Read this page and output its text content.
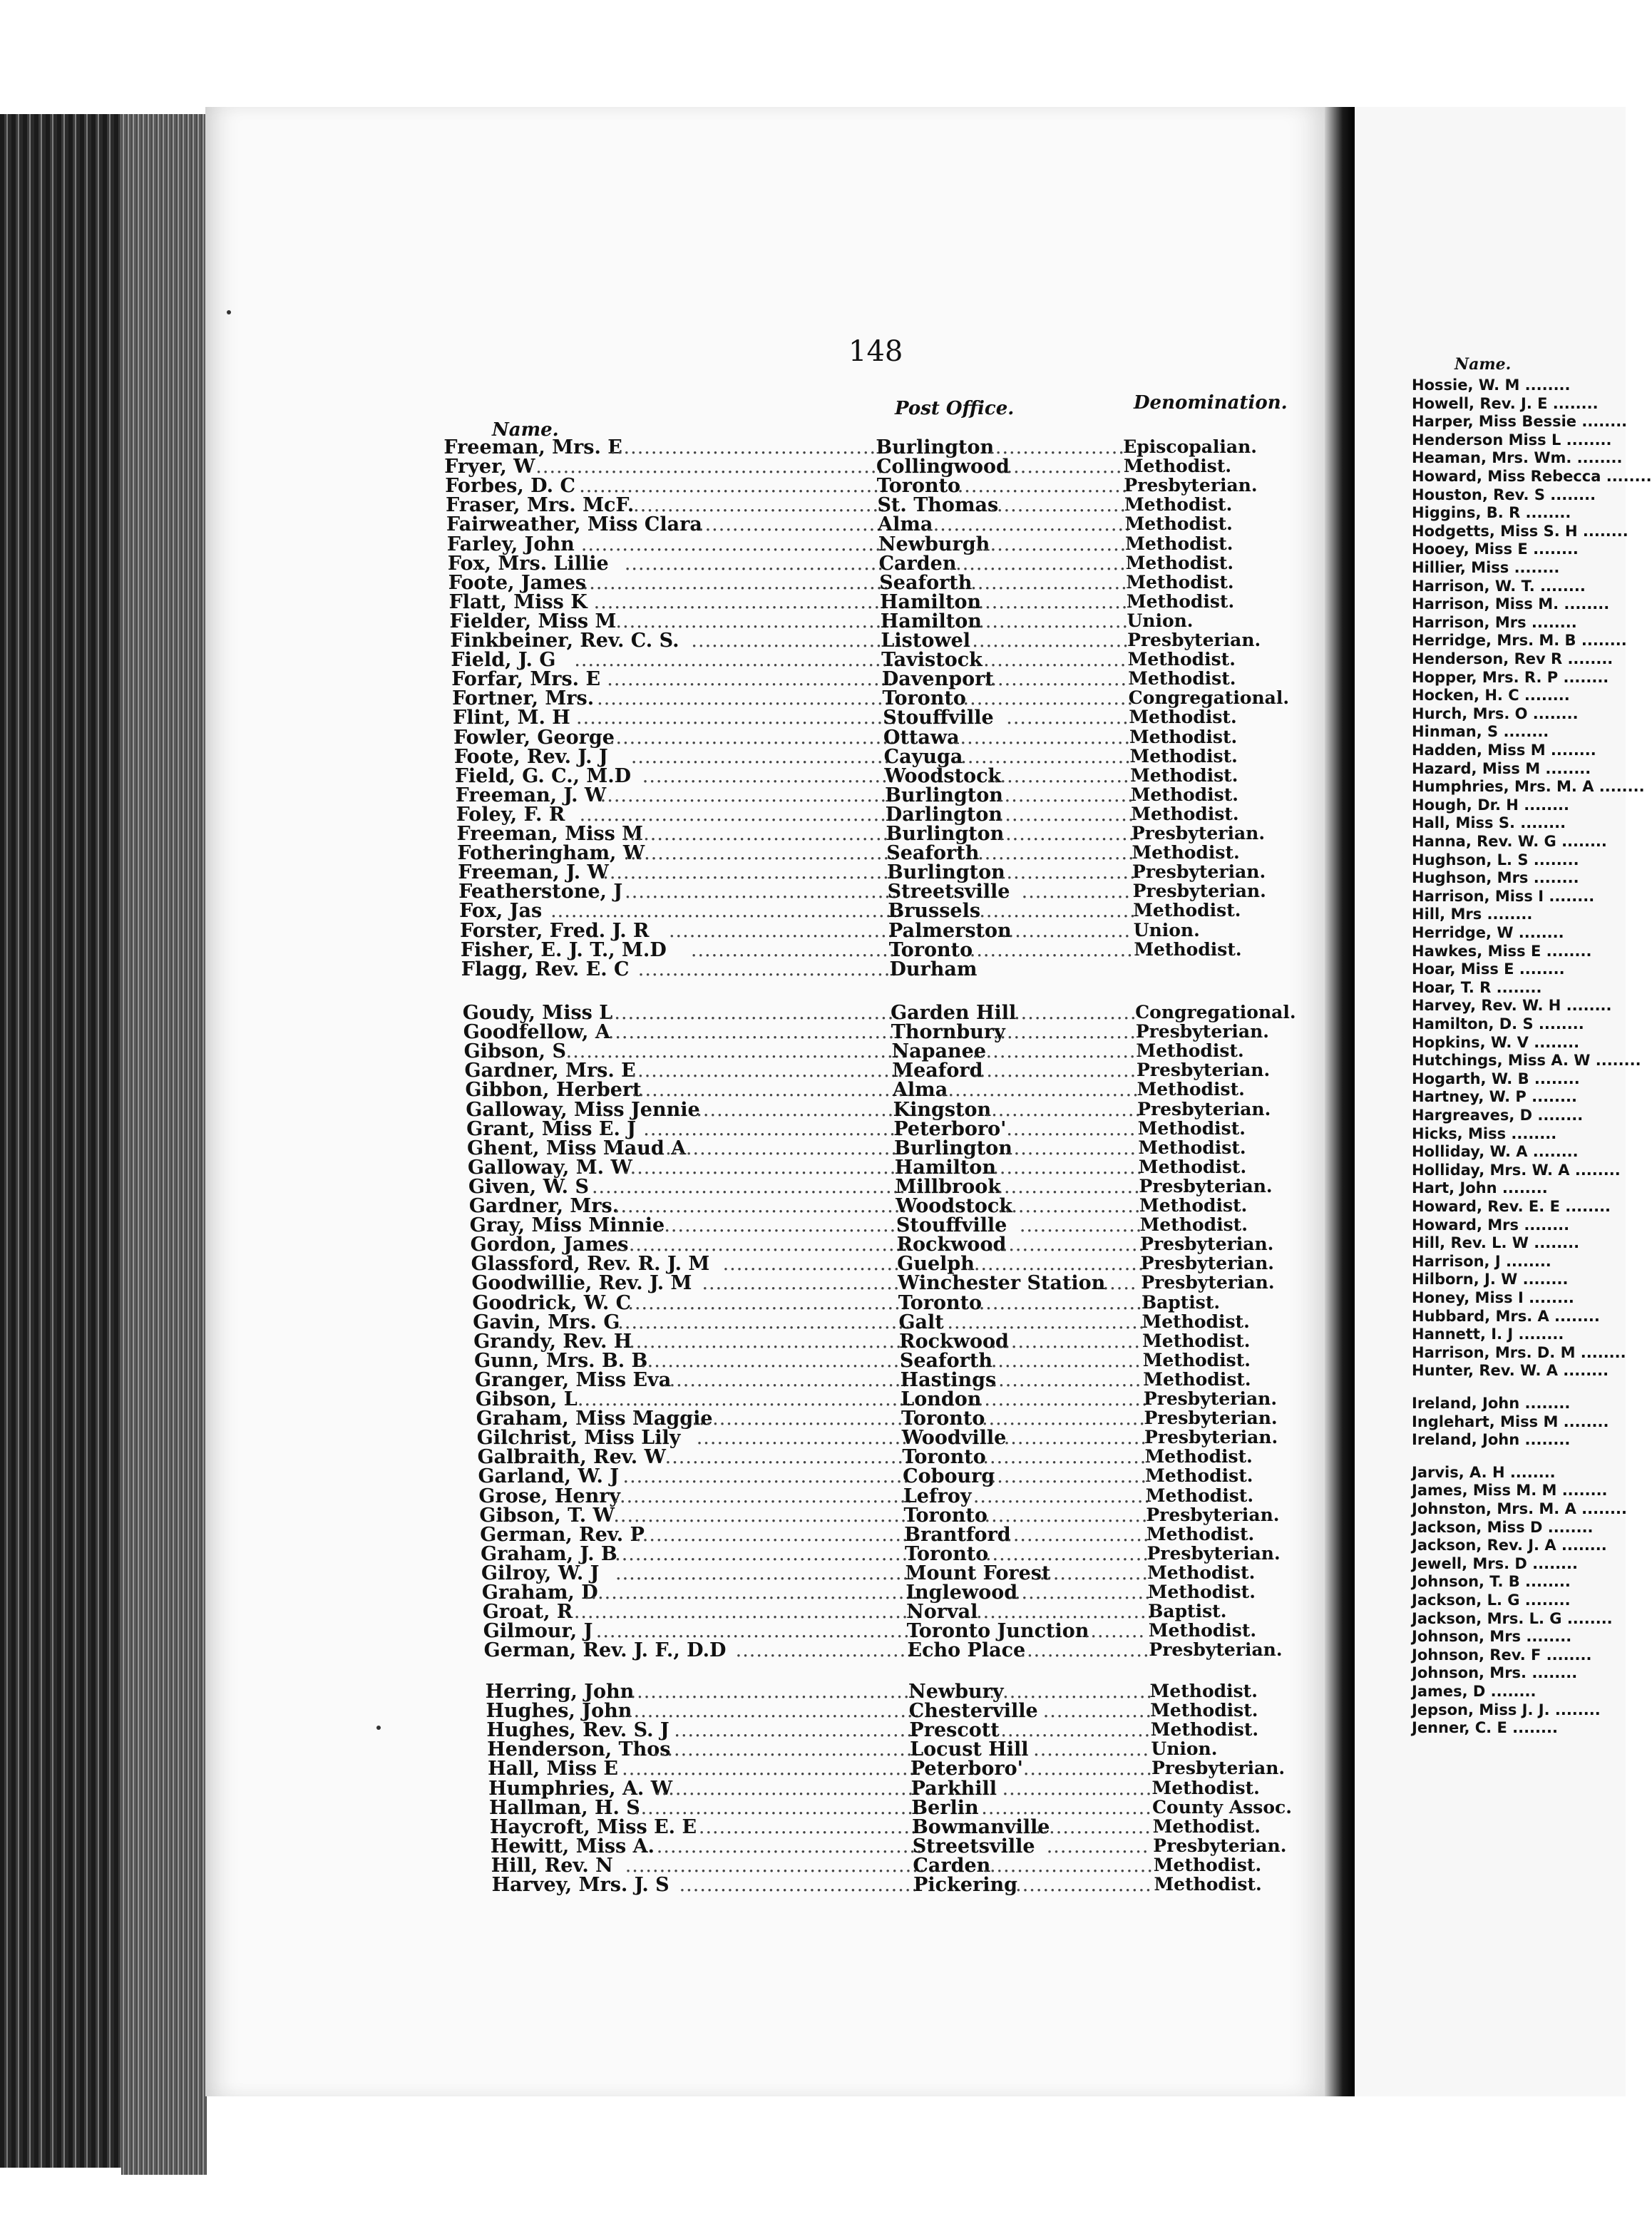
148
Name.
Post Office.	Denomination.
Name.
Freeman, Mrs. E
........................................
Burlington
....................
Episcopalian.
Fryer, W ....................................................
Collingwood
.................. Methodist.
Forbes, D. C .............................................
Toronto
.........................
Presbyterian.
Fraser, Mrs. McF.
.....................................
St. Thomas
....................
Methodist.
Fairweather, Miss Clara
...........................
Alma
..............................
Methodist.
Farley, John .............................................
Newburgh
.......................
Methodist.
Fox, Mrs. Lillie ......................................
Carden
.......................... Methodist.
Foote, James
.............................................
Seaforth
.......................
Methodist.
Flatt, Miss K ...........................................
Hamilton
.......................
Methodist.
Fielder, Miss M ........................................
Hamilton
.......................
Union.
Finkbeiner, Rev. C. S. ............................
Listowel .......................
Presbyterian.
Field, J. G ...............................................
Tavistock ..................... Methodist.
Forfar, Mrs. E ..........................................
Davenport
..................... Methodist.
Fortner, Mrs. ...........................................
Toronto
.........................
Congregational.
Flint, M. H ...............................................
Stouffville .................. Methodist.
Fowler, George
..........................................
Ottawa
..........................
Methodist.
Foote, Rev. J. J ......................................
Cayuga
..........................
Methodist.
Field, G. C., M.D .....................................
Woodstock
..................... Methodist.
Freeman, J. W
...........................................
Burlington
....................
Methodist.
Foley, F. R ...............................................
Darlington
....................
Methodist.
Freeman, Miss M
........................................
Burlington
....................
Presbyterian.
Fotheringham, W
........................................
Seaforth
.......................
Methodist.
Freeman, J. W
...........................................
Burlington
....................
Presbyterian.
Featherstone, J ........................................
Streetsville ................ Presbyterian.
Fox, Jas ...................................................
Brussels
.......................
Methodist.
Forster, Fred. J. R .................................
Palmerston
................... Union.
Fisher, E. J. T., M.D ..............................
Toronto
........................ Methodist.
Flagg, Rev. E. C ......................................
Durham
Goudy, Miss L
...........................................
Garden Hill
..................
Congregational.
Goodfellow, A
...........................................
Thornbury
.....................
Presbyterian.
Gibson, S ..................................................
Napanee
........................ Methodist.
Gardner, Mrs. E
........................................
Meaford
........................ Presbyterian.
Gibbon, Herbert
........................................
Alma
.............................
Methodist.
Galloway, Miss Jennie
..............................
Kingston
.......................
Presbyterian.
Grant, Miss E. J ......................................
Peterboro' ................... Methodist.
Ghent, Miss Maud A
..................................
Burlington
................... Methodist.
Galloway, M. W
.........................................
Hamilton
.......................
Methodist.
Given, W. S ..............................................
Millbrook
.....................
Presbyterian.
Gardner, Mrs.
...........................................
Woodstock
.....................
Methodist.
Gray, Miss Minnie
....................................
Stouffville ..................
Methodist.
Gordon, James
...........................................
Rockwood
.......................
Presbyterian.
Glassford, Rev. R. J. M ..........................
Guelph
..........................
Presbyterian.
Goodwillie, Rev. J. M .............................
Winchester Station
...... Presbyterian.
Goodrick, W. C
.........................................
Toronto
........................
Baptist.
Gavin, Mrs. G
...........................................
Galt .............................
Methodist.
Grandy, Rev. H
.........................................
Rockwood
...................... Methodist.
Gunn, Mrs. B. B
.......................................
Seaforth
...................... Methodist.
Granger, Miss Eva
....................................
Hastings
...................... Methodist.
Gibson, L .................................................
London
..........................
Presbyterian.
Graham, Miss Maggie
.................................
Toronto
........................
Presbyterian.
Gilchrist, Miss Lily ...............................
Woodville
.....................
Presbyterian.
Galbraith, Rev. W
....................................
Toronto
........................
Methodist.
Garland, W. J ..........................................
Cobourg
........................
Methodist.
Grose, Henry
............................................
Lefroy ..........................
Methodist.
Gibson, T. W
............................................
Toronto
........................
Presbyterian.
German, Rev. P
.........................................
Brantford
.....................
Methodist.
Graham, J. B
............................................
Toronto
........................
Presbyterian.
Gilroy, W. J ............................................
Mount Forest
................
Methodist.
Graham, D
.................................................
Inglewood
.....................
Methodist.
Groat, R ...................................................
Norval
..........................
Baptist.
Gilmour, J ...............................................
Toronto Junction
......... Methodist.
German, Rev. J. F., D.D ..........................
Echo Place
...................
Presbyterian.
Herring, John
..........................................
Newbury
........................
Methodist.
Hughes, John
............................................
Chesterville ................
Methodist.
Hughes, Rev. S. J ....................................
Prescott ...................... Methodist.
Henderson, Thos
.......................................
Locust Hill ................. Union.
Hall, Miss E ............................................
Peterboro' ...................
Presbyterian.
Humphries, A. W
.......................................
Parkhill ...................... Methodist.
Hallman, H. S
..........................................
Berlin ......................... County Assoc.
Haycroft, Miss E. E ................................
Bowmanville
................. Methodist.
Hewitt, Miss A. .......................................
Streetsville ............... Presbyterian.
Hill, Rev. N ............................................
Carden
......................... Methodist.
Harvey, Mrs. J. S ...................................
Pickering
.................... Methodist.
Hossie, W. M ........
Howell, Rev. J. E ........
Harper, Miss Bessie ........
Henderson Miss L ........
Heaman, Mrs. Wm. ........
Howard, Miss Rebecca ........
Houston, Rev. S ........
Higgins, B. R ........
Hodgetts, Miss S. H ........
Hooey, Miss E ........
Hillier, Miss ........
Harrison, W. T. ........
Harrison, Miss M. ........
Harrison, Mrs ........
Herridge, Mrs. M. B ........
Henderson, Rev R ........
Hopper, Mrs. R. P ........
Hocken, H. C ........
Hurch, Mrs. O ........
Hinman, S ........
Hadden, Miss M ........
Hazard, Miss M ........
Humphries, Mrs. M. A ........
Hough, Dr. H ........
Hall, Miss S. ........
Hanna, Rev. W. G ........
Hughson, L. S ........
Hughson, Mrs ........
Harrison, Miss I ........
Hill, Mrs ........
Herridge, W ........
Hawkes, Miss E ........
Hoar, Miss E ........
Hoar, T. R ........
Harvey, Rev. W. H ........
Hamilton, D. S ........
Hopkins, W. V ........
Hutchings, Miss A. W ........
Hogarth, W. B ........
Hartney, W. P ........
Hargreaves, D ........
Hicks, Miss ........
Holliday, W. A ........
Holliday, Mrs. W. A ........
Hart, John ........
Howard, Rev. E. E ........
Howard, Mrs ........
Hill, Rev. L. W ........
Harrison, J ........
Hilborn, J. W ........
Honey, Miss I ........
Hubbard, Mrs. A ........
Hannett, I. J ........
Harrison, Mrs. D. M ........
Hunter, Rev. W. A ........
Ireland, John ........
Inglehart, Miss M ........
Ireland, John ........
Jarvis, A. H ........
James, Miss M. M ........
Johnston, Mrs. M. A ........
Jackson, Miss D ........
Jackson, Rev. J. A ........
Jewell, Mrs. D ........
Johnson, T. B ........
Jackson, L. G ........
Jackson, Mrs. L. G ........
Johnson, Mrs ........
Johnson, Rev. F ........
Johnson, Mrs. ........
James, D ........
Jepson, Miss J. J. ........
Jenner, C. E ........
